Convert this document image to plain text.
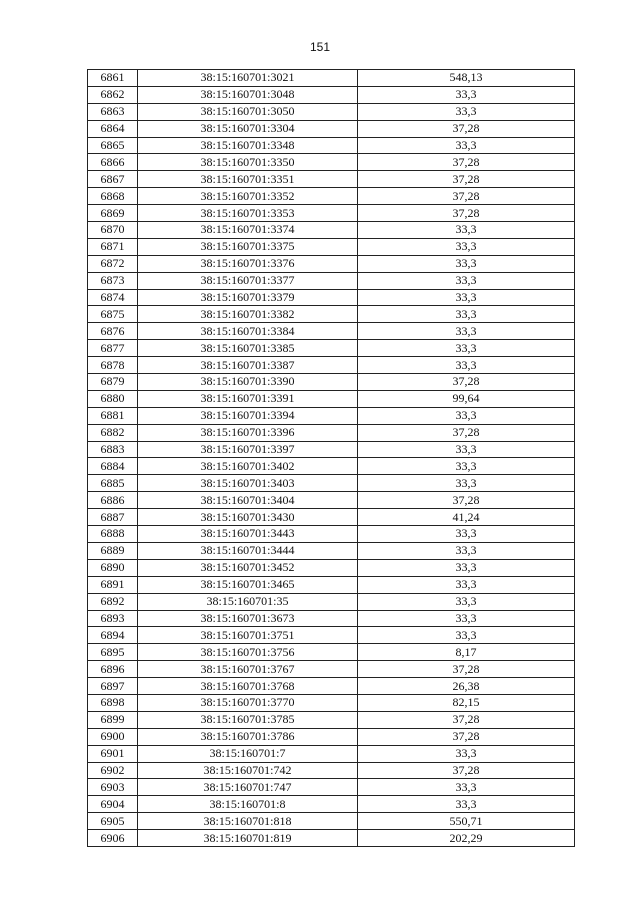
151
6861	38:15:160701:3021	548,13
6862	38:15:160701:3048	33,3
6863	38:15:160701:3050	33,3
6864	38:15:160701:3304	37,28
6865	38:15:160701:3348	33,3
6866	38:15:160701:3350	37,28
6867	38:15:160701:3351	37,28
6868	38:15:160701:3352	37,28
6869	38:15:160701:3353	37,28
6870	38:15:160701:3374	33,3
6871	38:15:160701:3375	33,3
6872	38:15:160701:3376	33,3
6873	38:15:160701:3377	33,3
6874	38:15:160701:3379	33,3
6875	38:15:160701:3382	33,3
6876	38:15:160701:3384	33,3
6877	38:15:160701:3385	33,3
6878	38:15:160701:3387	33,3
6879	38:15:160701:3390	37,28
6880	38:15:160701:3391	99,64
6881	38:15:160701:3394	33,3
6882	38:15:160701:3396	37,28
6883	38:15:160701:3397	33,3
6884	38:15:160701:3402	33,3
6885	38:15:160701:3403	33,3
6886	38:15:160701:3404	37,28
6887	38:15:160701:3430	41,24
6888	38:15:160701:3443	33,3
6889	38:15:160701:3444	33,3
6890	38:15:160701:3452	33,3
6891	38:15:160701:3465	33,3
6892	38:15:160701:35	33,3
6893	38:15:160701:3673	33,3
6894	38:15:160701:3751	33,3
6895	38:15:160701:3756	8,17
6896	38:15:160701:3767	37,28
6897	38:15:160701:3768	26,38
6898	38:15:160701:3770	82,15
6899	38:15:160701:3785	37,28
6900	38:15:160701:3786	37,28
6901	38:15:160701:7	33,3
6902	38:15:160701:742	37,28
6903	38:15:160701:747	33,3
6904	38:15:160701:8	33,3
6905	38:15:160701:818	550,71
6906	38:15:160701:819	202,29
